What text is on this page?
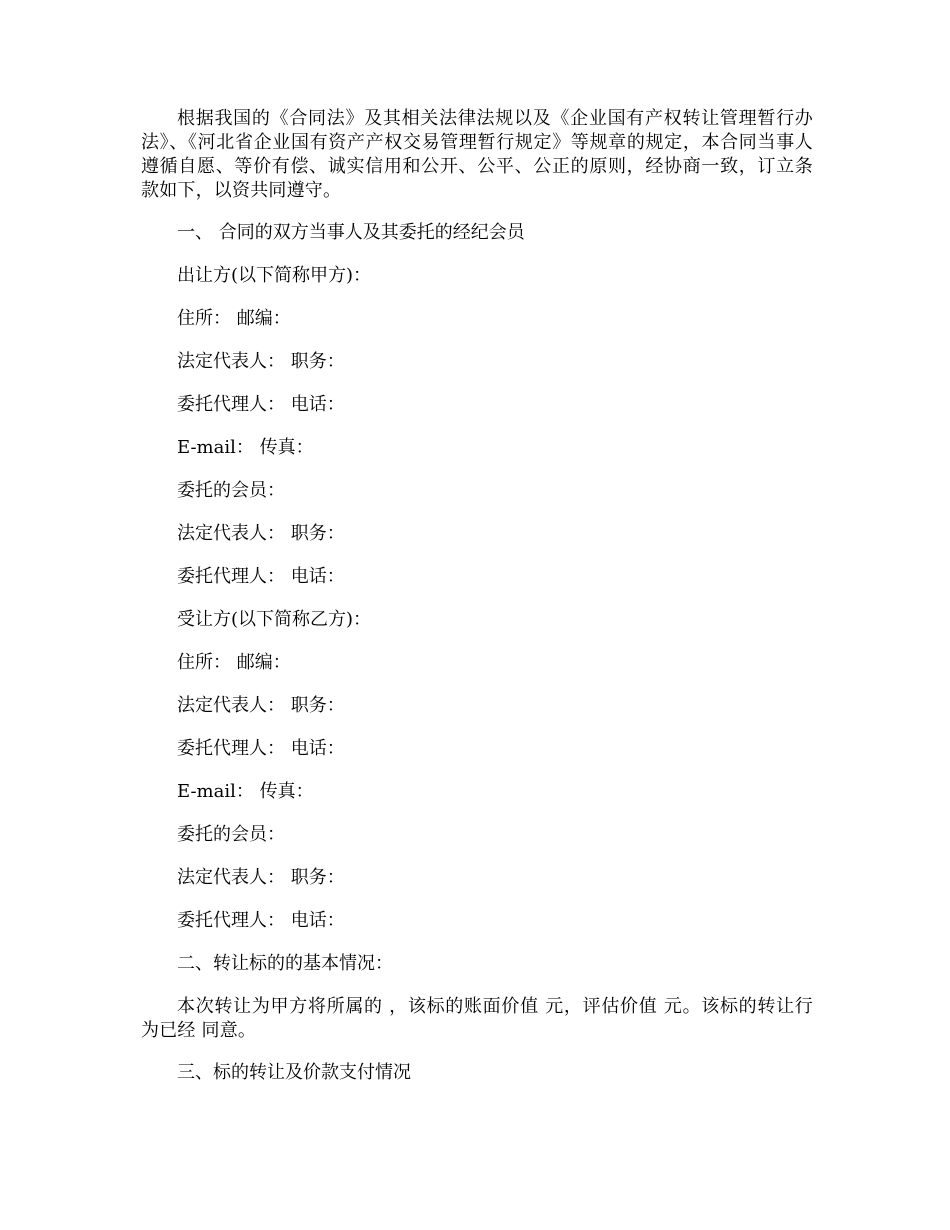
根据我国的《合同法》及其相关法律法规以及《企业国有产权转让管理暂行办法》、《河北省企业国有资产产权交易管理暂行规定》等规章的规定，本合同当事人遵循自愿、等价有偿、诚实信用和公开、公平、公正的原则，经协商一致，订立条款如下，以资共同遵守。

一、 合同的双方当事人及其委托的经纪会员

出让方(以下简称甲方)：

住所： 邮编：

法定代表人： 职务：

委托代理人： 电话：

E-mail： 传真：

委托的会员：

法定代表人： 职务：

委托代理人： 电话：

受让方(以下简称乙方)：

住所： 邮编：

法定代表人： 职务：

委托代理人： 电话：

E-mail： 传真：

委托的会员：

法定代表人： 职务：

委托代理人： 电话：

二、转让标的的基本情况：

本次转让为甲方将所属的 ，该标的账面价值 元，评估价值 元。该标的转让行为已经 同意。

三、标的转让及价款支付情况
